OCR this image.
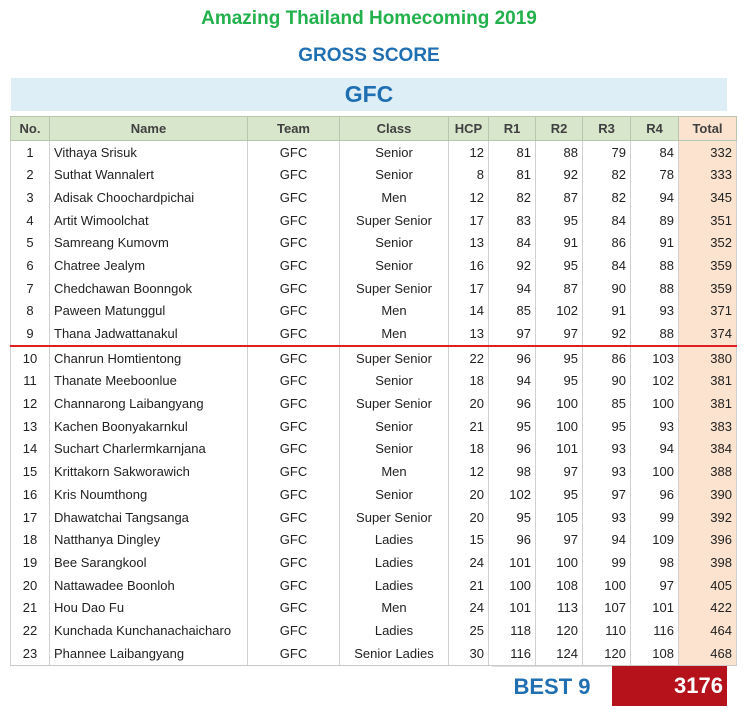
Amazing Thailand Homecoming 2019
GROSS SCORE
GFC
No.	Name	Team	Class	HCP	R1	R2	R3	R4	Total
1	Vithaya Srisuk	GFC	Senior	12	81	88	79	84	332
2	Suthat Wannalert	GFC	Senior	8	81	92	82	78	333
3	Adisak Choochardpichai	GFC	Men	12	82	87	82	94	345
4	Artit Wimoolchat	GFC	Super Senior	17	83	95	84	89	351
5	Samreang Kumovm	GFC	Senior	13	84	91	86	91	352
6	Chatree Jealym	GFC	Senior	16	92	95	84	88	359
7	Chedchawan Boonngok	GFC	Super Senior	17	94	87	90	88	359
8	Paween Matunggul	GFC	Men	14	85	102	91	93	371
9	Thana Jadwattanakul	GFC	Men	13	97	97	92	88	374
10	Chanrun Homtientong	GFC	Super Senior	22	96	95	86	103	380
11	Thanate Meeboonlue	GFC	Senior	18	94	95	90	102	381
12	Channarong Laibangyang	GFC	Super Senior	20	96	100	85	100	381
13	Kachen Boonyakarnkul	GFC	Senior	21	95	100	95	93	383
14	Suchart Charlermkarnjana	GFC	Senior	18	96	101	93	94	384
15	Krittakorn Sakworawich	GFC	Men	12	98	97	93	100	388
16	Kris Noumthong	GFC	Senior	20	102	95	97	96	390
17	Dhawatchai Tangsanga	GFC	Super Senior	20	95	105	93	99	392
18	Natthanya Dingley	GFC	Ladies	15	96	97	94	109	396
19	Bee Sarangkool	GFC	Ladies	24	101	100	99	98	398
20	Nattawadee Boonloh	GFC	Ladies	21	100	108	100	97	405
21	Hou Dao Fu	GFC	Men	24	101	113	107	101	422
22	Kunchada Kunchanachaicharo	GFC	Ladies	25	118	120	110	116	464
23	Phannee Laibangyang	GFC	Senior Ladies	30	116	124	120	108	468
BEST 9	3176
